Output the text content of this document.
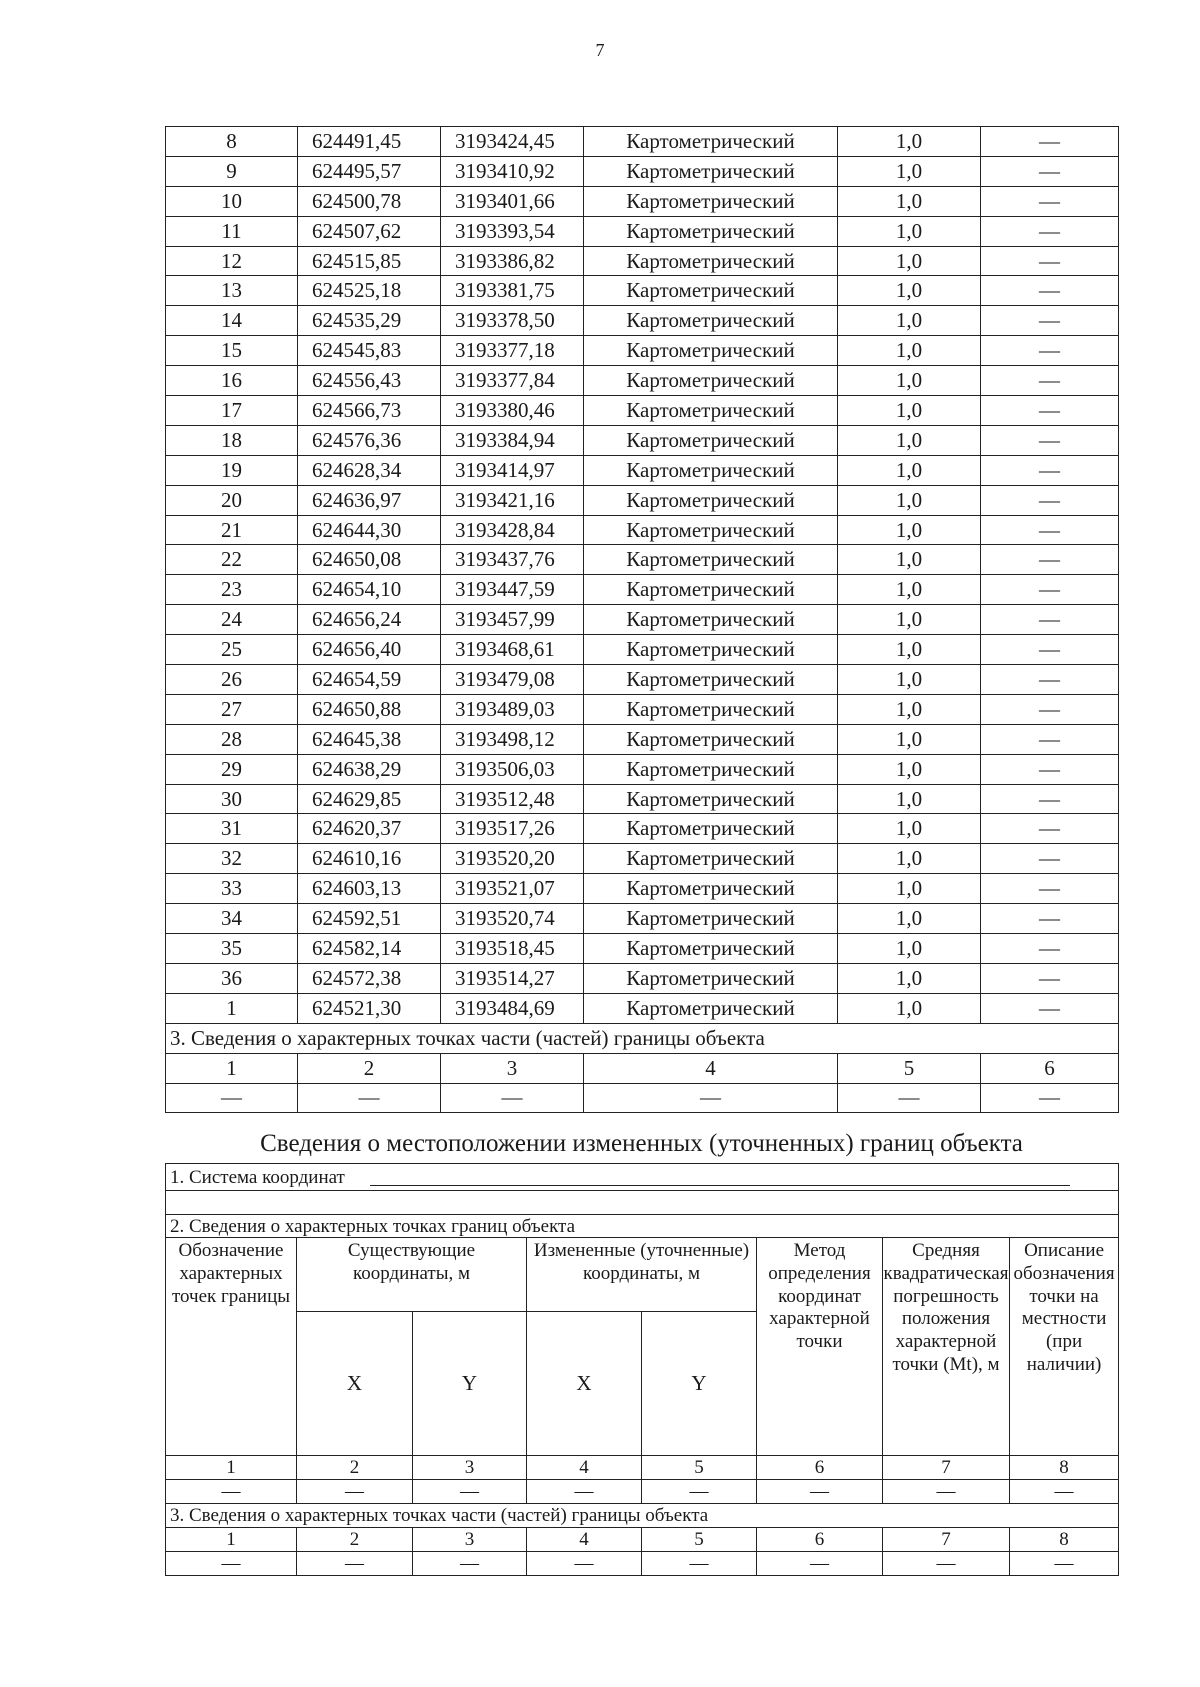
7
8	624491,45	3193424,45	Картометрический	1,0	—
9	624495,57	3193410,92	Картометрический	1,0	—
10	624500,78	3193401,66	Картометрический	1,0	—
11	624507,62	3193393,54	Картометрический	1,0	—
12	624515,85	3193386,82	Картометрический	1,0	—
13	624525,18	3193381,75	Картометрический	1,0	—
14	624535,29	3193378,50	Картометрический	1,0	—
15	624545,83	3193377,18	Картометрический	1,0	—
16	624556,43	3193377,84	Картометрический	1,0	—
17	624566,73	3193380,46	Картометрический	1,0	—
18	624576,36	3193384,94	Картометрический	1,0	—
19	624628,34	3193414,97	Картометрический	1,0	—
20	624636,97	3193421,16	Картометрический	1,0	—
21	624644,30	3193428,84	Картометрический	1,0	—
22	624650,08	3193437,76	Картометрический	1,0	—
23	624654,10	3193447,59	Картометрический	1,0	—
24	624656,24	3193457,99	Картометрический	1,0	—
25	624656,40	3193468,61	Картометрический	1,0	—
26	624654,59	3193479,08	Картометрический	1,0	—
27	624650,88	3193489,03	Картометрический	1,0	—
28	624645,38	3193498,12	Картометрический	1,0	—
29	624638,29	3193506,03	Картометрический	1,0	—
30	624629,85	3193512,48	Картометрический	1,0	—
31	624620,37	3193517,26	Картометрический	1,0	—
32	624610,16	3193520,20	Картометрический	1,0	—
33	624603,13	3193521,07	Картометрический	1,0	—
34	624592,51	3193520,74	Картометрический	1,0	—
35	624582,14	3193518,45	Картометрический	1,0	—
36	624572,38	3193514,27	Картометрический	1,0	—
1	624521,30	3193484,69	Картометрический	1,0	—
3. Сведения о характерных точках части (частей) границы объекта					
1	2	3	4	5	6
—	—	—	—	—	—
Сведения о местоположении измененных (уточненных) границ объекта
1. Система координат							

2. Сведения о характерных точках границ объекта							
Обозначение характерных точек границы	Существующие координаты, м		Измененные (уточненные) координаты, м		Метод определения координат характерной точки	Средняя квадратическая погрешность положения характерной точки (Mt), м	Описание обозначения точки на местности (при наличии)
	X	Y	X	Y			
1	2	3	4	5	6	7	8
—	—	—	—	—	—	—	—
3. Сведения о характерных точках части (частей) границы объекта							
1	2	3	4	5	6	7	8
—	—	—	—	—	—	—	—
